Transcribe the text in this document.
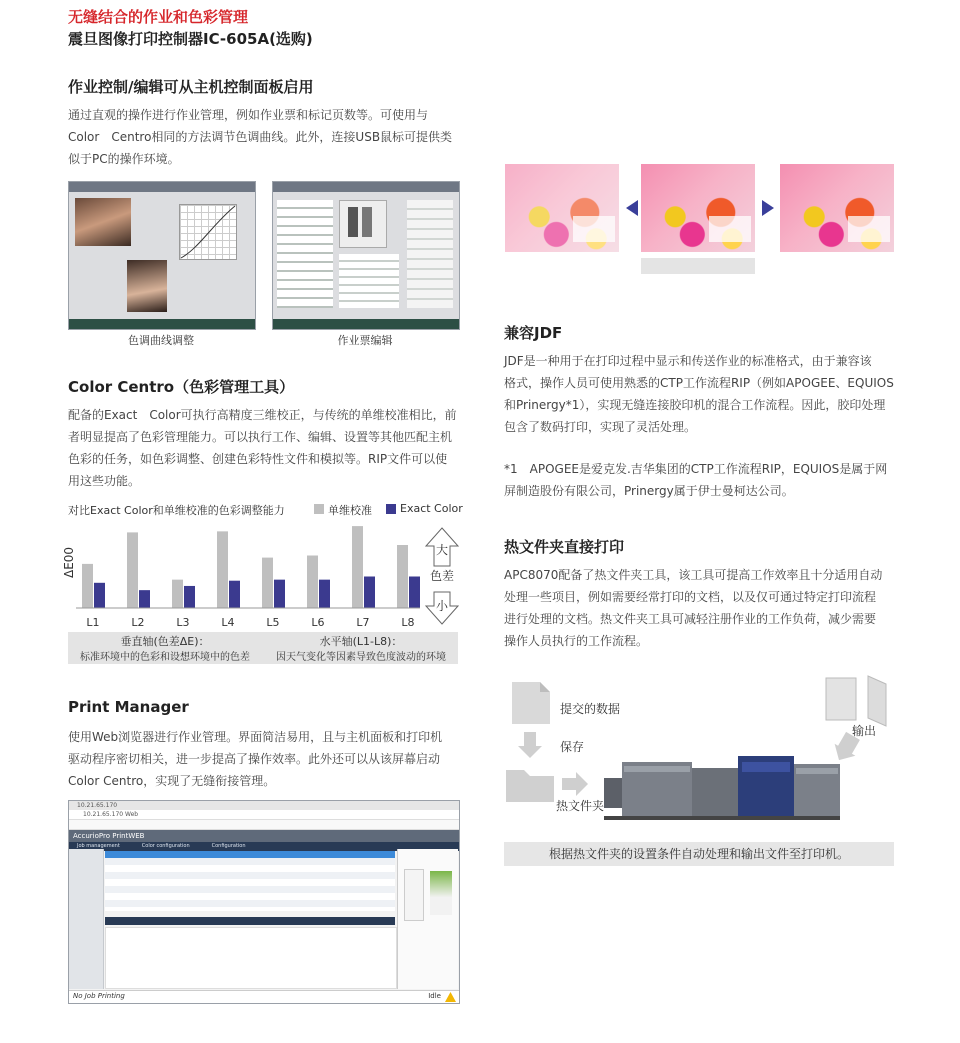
无缝结合的作业和色彩管理
震旦图像打印控制器IC-605A(选购)
作业控制/编辑可从主机控制面板启用

通过直观的操作进行作业管理，例如作业票和标记页数等。可使用与

Color　Centro相同的方法调节色调曲线。此外，连接USB鼠标可提供类

似于PC的操作环境。

色调曲线调整	作业票编辑
Color Centro（色彩管理工具）

配备的Exact　Color可执行高精度三维校正，与传统的单维校准相比，前

者明显提高了色彩管理能力。可以执行工作、编辑、设置等其他匹配主机

色彩的任务，如色彩调整、创建色彩特性文件和模拟等。RIP文件可以使

用这些功能。

对比Exact Color和单维校准的色彩调整能力	单维校准	Exact Color
ΔE00
L1	L2	L3	L4	L5	L6	L7	L8
大
色差
小
垂直轴(色差ΔE)：
标准环境中的色彩和设想环境中的色差
水平轴(L1-L8)：
因天气变化等因素导致色度波动的环境
Print Manager

使用Web浏览器进行作业管理。界面简洁易用，且与主机面板和打印机

驱动程序密切相关，进一步提高了操作效率。此外还可以从该屏幕启动

Color Centro，实现了无缝衔接管理。

10.21.65.170
10.21.65.170 Web
AccurioPro PrintWEB
Job management	Color configuration	Configuration
No Job Printing	Idle

兼容JDF

JDF是一种用于在打印过程中显示和传送作业的标准格式，由于兼容该

格式，操作人员可使用熟悉的CTP工作流程RIP（例如APOGEE、EQUIOS

和Prinergy*1），实现无缝连接胶印机的混合工作流程。因此，胶印处理

包含了数码打印，实现了灵活处理。

*1　APOGEE是爱克发.吉华集团的CTP工作流程RIP，EQUIOS是属于网

屏制造股份有限公司，Prinergy属于伊士曼柯达公司。

热文件夹直接打印

APC8070配备了热文件夹工具，该工具可提高工作效率且十分适用自动

处理一些项目，例如需要经常打印的文档，以及仅可通过特定打印流程

进行处理的文档。热文件夹工具可减轻注册作业的工作负荷，减少需要

操作人员执行的工作流程。

提交的数据
保存
热文件夹
输出
根据热文件夹的设置条件自动处理和输出文件至打印机。
